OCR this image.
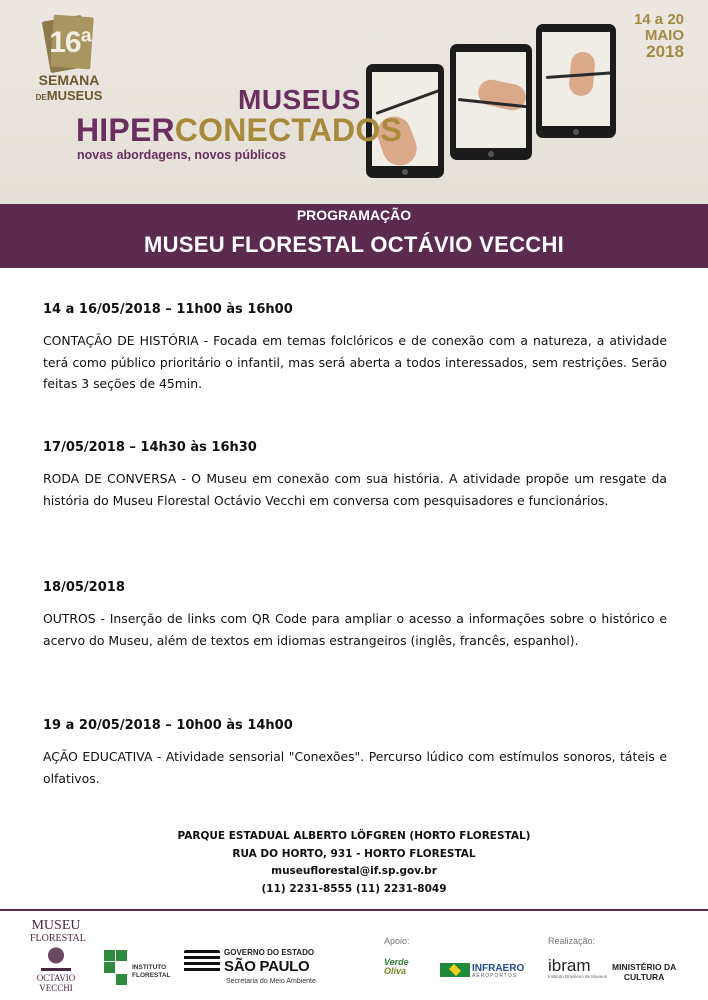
16ª
SEMANA
DEMUSEUS
14 a 20
MAIO
2018
MUSEUS
HIPERCONECTADOS
novas abordagens, novos públicos
PROGRAMAÇÃO
MUSEU FLORESTAL OCTÁVIO VECCHI
14 a 16/05/2018 – 11h00 às 16h00
CONTAÇÃO DE HISTÓRIA - Focada em temas folclóricos e de conexão com a natureza, a atividade terá como público prioritário o infantil, mas será aberta a todos interessados, sem restrições. Serão feitas 3 seções de 45min.
17/05/2018 – 14h30 às 16h30
RODA DE CONVERSA - O Museu em conexão com sua história. A atividade propõe um resgate da história do Museu Florestal Octávio Vecchi em conversa com pesquisadores e funcionários.
18/05/2018
OUTROS - Inserção de links com QR Code para ampliar o acesso a informações sobre o histórico e acervo do Museu, além de textos em idiomas estrangeiros (inglês, francês, espanhol).
19 a 20/05/2018 – 10h00 às 14h00
AÇÃO EDUCATIVA - Atividade sensorial "Conexões". Percurso lúdico com estímulos sonoros, táteis e olfativos.
PARQUE ESTADUAL ALBERTO LÖFGREN (HORTO FLORESTAL)
RUA DO HORTO, 931 - HORTO FLORESTAL
museuflorestal@if.sp.gov.br
(11) 2231-8555 (11) 2231-8049
MUSEU
FLORESTAL
OCTAVIO VECCHI
INSTITUTO
FLORESTAL
GOVERNO DO ESTADO
SÃO PAULO
Secretaria do Meio Ambiente
Apoio:
Verde
Oliva	INFRAERO
AEROPORTOS
Realização:
ibram
Instituto Brasileiro de Museus
MINISTÉRIO DA
CULTURA
